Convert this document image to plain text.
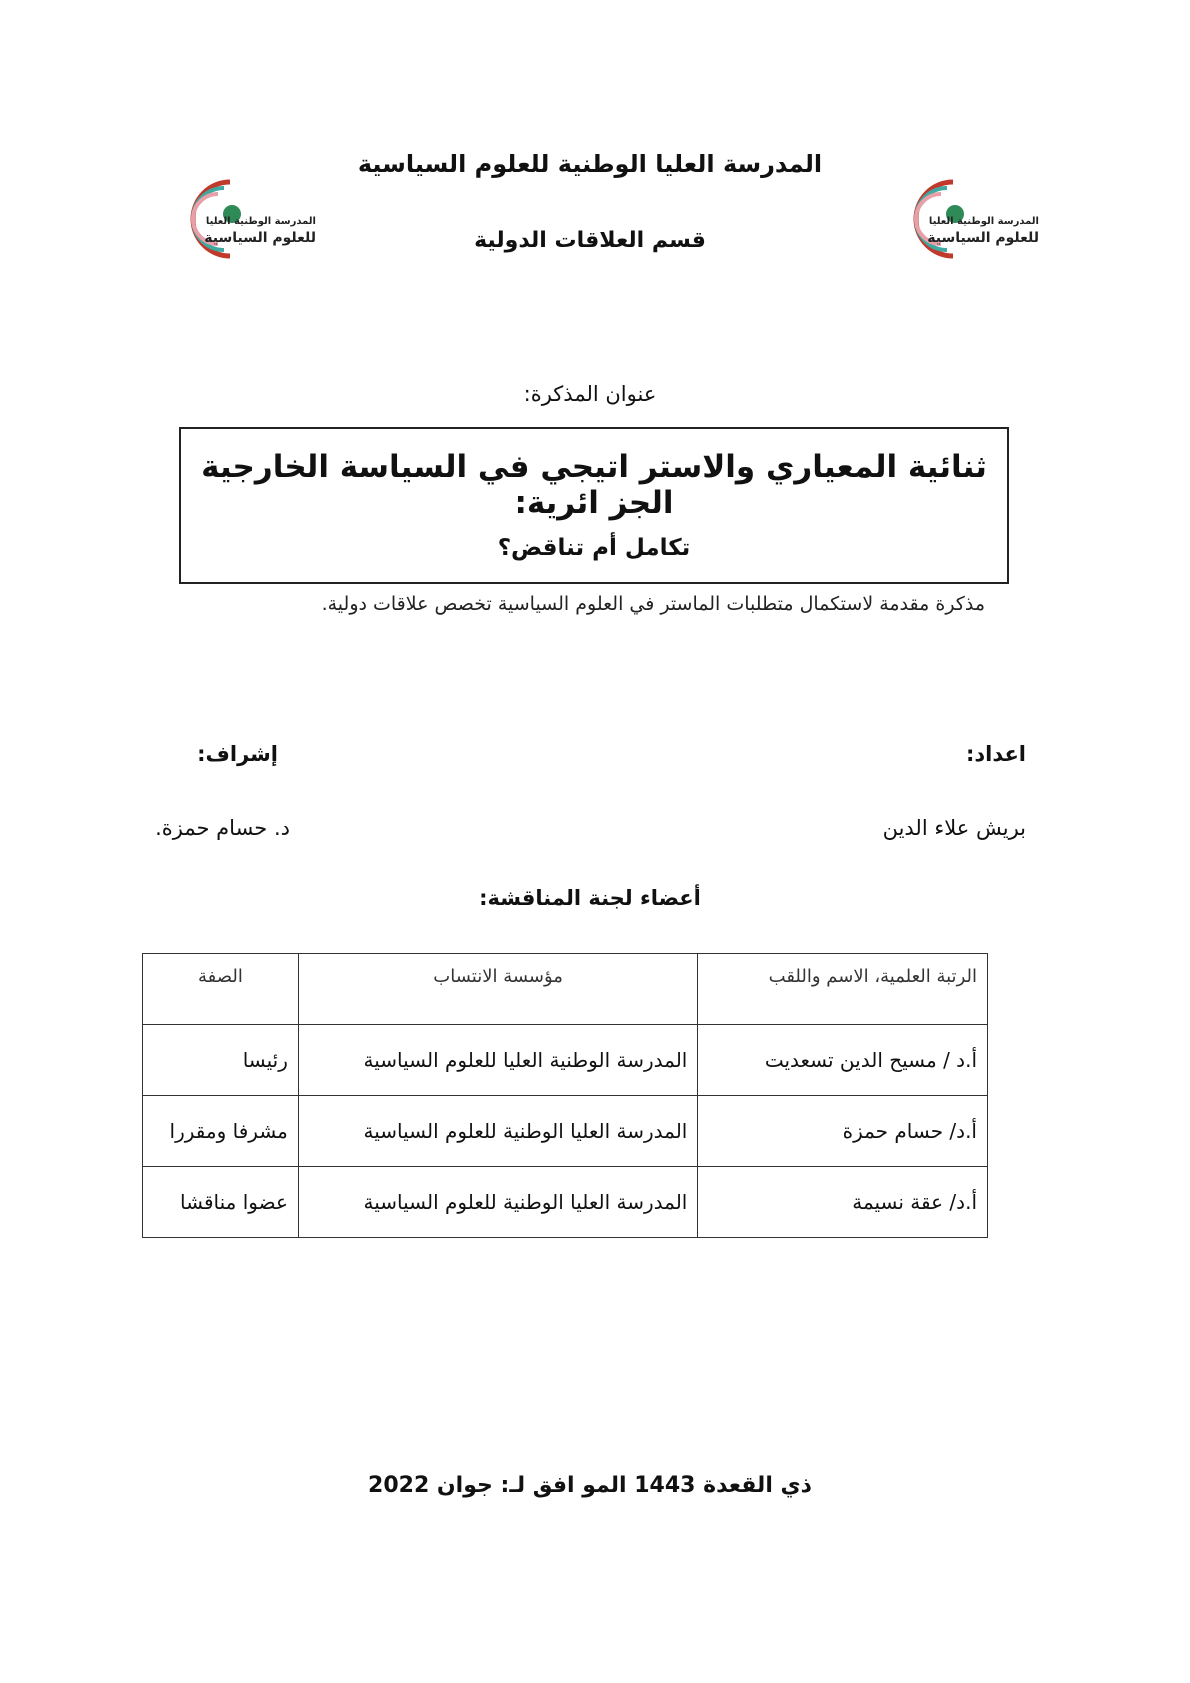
المدرسة الوطنية العليا
للعلوم السياسية
المدرسة الوطنية العليا
للعلوم السياسية
المدرسة العليا الوطنية للعلوم السياسية
قسم العلاقات الدولية
عنوان المذكرة:
ثنائية المعياري والاستر اتيجي في السياسة الخارجية الجز ائرية:
تكامل أم تناقض؟
مذكرة مقدمة لاستكمال متطلبات الماستر في العلوم السياسية تخصص علاقات دولية.
اعداد:
إشراف:
بريش علاء الدين
د. حسام حمزة.
أعضاء لجنة المناقشة:
الرتبة العلمية، الاسم واللقب	مؤسسة الانتساب	الصفة
أ.د / مسيح الدين تسعديت	المدرسة الوطنية العليا للعلوم السياسية	رئيسا
أ.د/ حسام حمزة	المدرسة العليا الوطنية للعلوم السياسية	مشرفا ومقررا
أ.د/ عقة نسيمة	المدرسة العليا الوطنية للعلوم السياسية	عضوا مناقشا
ذي القعدة 1443 المو افق لـ: جوان 2022
